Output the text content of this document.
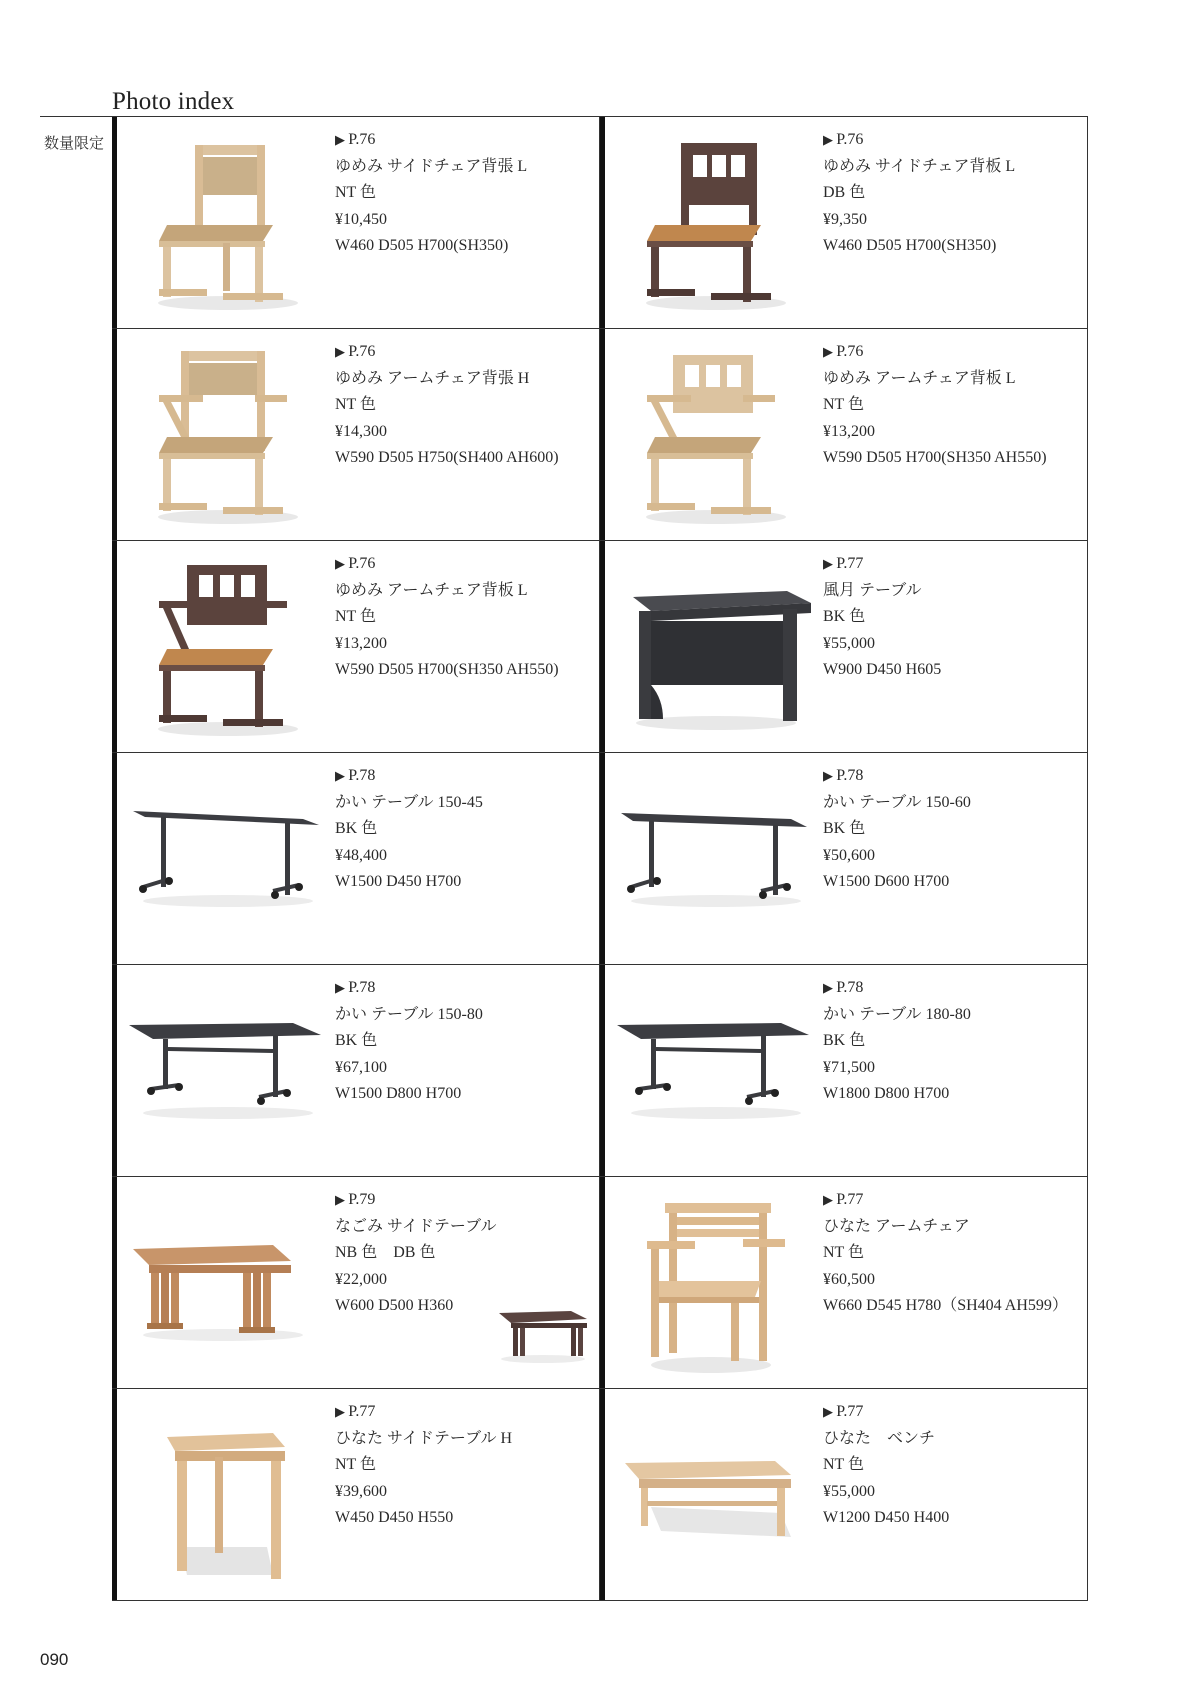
Photo index
数量限定
▶	P.76
ゆめみ サイドチェア背張 L
NT 色
¥10,450
W460 D505 H700(SH350)
▶ P.76
ゆめみ サイドチェア背板 L
DB 色
¥9,350
W460 D505 H700(SH350)
▶ P.76
ゆめみ アームチェア背張 H
NT 色
¥14,300
W590 D505 H750(SH400 AH600)
▶ P.76
ゆめみ アームチェア背板 L
NT 色
¥13,200
W590 D505 H700(SH350 AH550)
▶ P.76
ゆめみ アームチェア背板 L
NT 色
¥13,200
W590 D505 H700(SH350 AH550)
▶ P.77
風月 テーブル
BK 色
¥55,000
W900 D450 H605
▶ P.78
かい テーブル 150-45
BK 色
¥48,400
W1500 D450 H700
▶ P.78
かい テーブル 150-60
BK 色
¥50,600
W1500 D600 H700
▶ P.78
かい テーブル 150-80
BK 色
¥67,100
W1500 D800 H700
▶ P.78
かい テーブル 180-80
BK 色
¥71,500
W1800 D800 H700
▶ P.79
なごみ サイドテーブル
NB 色　DB 色
¥22,000
W600 D500 H360
▶ P.77
ひなた アームチェア
NT 色
¥60,500
W660 D545 H780（SH404 AH599）
▶ P.77
ひなた サイドテーブル H
NT 色
¥39,600
W450 D450 H550
▶ P.77
ひなた　ベンチ
NT 色
¥55,000
W1200 D450 H400
090
